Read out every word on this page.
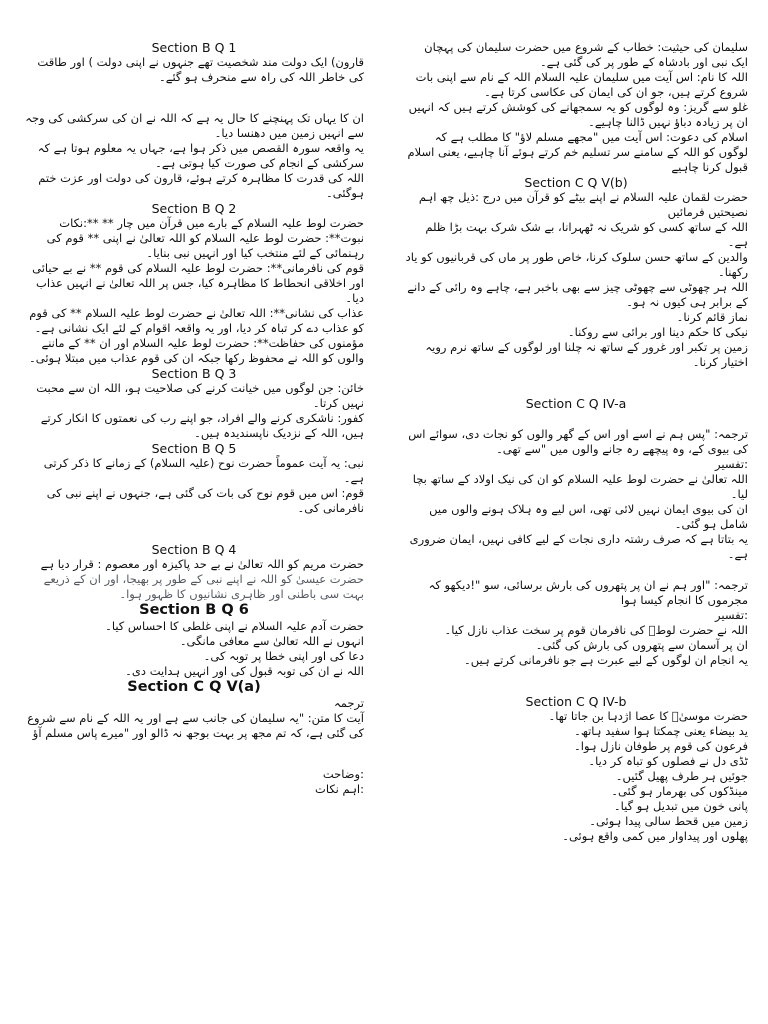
Section B Q 1

قارون) ایک دولت مند شخصیت تھے جنہوں نے اپنی دولت ) اور طاقت کی خاطر اللہ کی راہ سے منحرف ہو گئے۔

ان کا یہاں تک پہنچنے کا حال یہ ہے کہ اللہ نے ان کی سرکشی کی وجہ سے انہیں زمین میں دھنسا دیا۔

یہ واقعہ سورہ القصص میں ذکر ہوا ہے، جہاں یہ معلوم ہوتا ہے کہ سرکشی کے انجام کی صورت کیا ہوتی ہے۔

اللہ کی قدرت کا مظاہرہ کرتے ہوئے، قارون کی دولت اور عزت ختم ہوگئی۔

Section B Q 2

حضرت لوط علیہ السلام کے بارے میں قرآن میں چار ** **:نکات

نبوت**: حضرت لوط علیہ السلام کو اللہ تعالیٰ نے اپنی ** قوم کی رہنمائی کے لئے منتخب کیا اور انہیں نبی بنایا۔

قوم کی نافرمانی**: حضرت لوط علیہ السلام کی قوم ** نے بے حیائی اور اخلاقی انحطاط کا مظاہرہ کیا، جس پر اللہ تعالیٰ نے انہیں عذاب دیا۔

عذاب کی نشانی**: اللہ تعالیٰ نے حضرت لوط علیہ السلام ** کی قوم کو عذاب دے کر تباہ کر دیا، اور یہ واقعہ اقوام کے لئے ایک نشانی ہے۔

مؤمنوں کی حفاظت**: حضرت لوط علیہ السلام اور ان ** کے ماننے والوں کو اللہ نے محفوظ رکھا جبکہ ان کی قوم عذاب میں مبتلا ہوئی۔

Section B Q 3

خائن: جن لوگوں میں خیانت کرنے کی صلاحیت ہو، اللہ ان سے محبت نہیں کرتا۔

کفور: ناشکری کرنے والے افراد، جو اپنے رب کی نعمتوں کا انکار کرتے ہیں، اللہ کے نزدیک ناپسندیدہ ہیں۔

Section B Q 5

نبی: یہ آیت عموماً حضرت نوح (علیہ السلام) کے زمانے کا ذکر کرتی ہے۔

قوم: اس میں قوم نوح کی بات کی گئی ہے، جنہوں نے اپنے نبی کی نافرمانی کی۔

Section B Q 4

حضرت مریم کو اللہ تعالیٰ نے بے حد پاکیزہ اور معصوم : قرار دیا ہے

حضرت عیسیٰ کو اللہ نے اپنے نبی کے طور پر بھیجا، اور ان کے ذریعے بہت سی باطنی اور ظاہری نشانیوں کا ظہور ہوا۔

Section B Q 6

حضرت آدم علیہ السلام نے اپنی غلطی کا احساس کیا۔

انہوں نے اللہ تعالیٰ سے معافی مانگی۔

دعا کی اور اپنی خطا پر توبہ کی۔

اللہ نے ان کی توبہ قبول کی اور انہیں ہدایت دی۔

Section C Q V(a)

ترجمہ

آیت کا متن: "یہ سلیمان کی جانب سے ہے اور یہ اللہ کے نام سے شروع کی گئی ہے، کہ تم مجھ پر بہت بوجھ نہ ڈالو اور "میرے پاس مسلم آؤ

:وضاحت

:اہم نکات

سلیمان کی حیثیت: خطاب کے شروع میں حضرت سلیمان کی پہچان ایک نبی اور بادشاہ کے طور پر کی گئی ہے۔

اللہ کا نام: اس آیت میں سلیمان علیہ السلام اللہ کے نام سے اپنی بات شروع کرتے ہیں، جو ان کی ایمان کی عکاسی کرتا ہے۔

غلو سے گریز: وہ لوگوں کو یہ سمجھانے کی کوشش کرتے ہیں کہ انہیں ان پر زیادہ دباؤ نہیں ڈالنا چاہیے۔

اسلام کی دعوت: اس آیت میں "مجھے مسلم لاؤ" کا مطلب ہے کہ لوگوں کو اللہ کے سامنے سر تسلیم خم کرتے ہوئے آنا چاہیے، یعنی اسلام قبول کرنا چاہیے

Section C Q V(b)

حضرت لقمان علیہ السلام نے اپنے بیٹے کو قرآن میں درج :ذیل چھ اہم نصیحتیں فرمائیں

اللہ کے ساتھ کسی کو شریک نہ ٹھہرانا، بے شک شرک بہت بڑا ظلم ہے۔

والدین کے ساتھ حسن سلوک کرنا، خاص طور پر ماں کی قربانیوں کو یاد رکھنا۔

اللہ ہر چھوٹی سے چھوٹی چیز سے بھی باخبر ہے، چاہے وہ رائی کے دانے کے برابر ہی کیوں نہ ہو۔

نماز قائم کرنا۔

نیکی کا حکم دینا اور برائی سے روکنا۔

زمین پر تکبر اور غرور کے ساتھ نہ چلنا اور لوگوں کے ساتھ نرم رویہ اختیار کرنا۔

Section C Q IV-a

ترجمہ: "پس ہم نے اسے اور اس کے گھر والوں کو نجات دی، سوائے اس کی بیوی کے، وہ پیچھے رہ جانے والوں میں "سے تھی۔

:تفسیر

اللہ تعالیٰ نے حضرت لوط علیہ السلام کو ان کی نیک اولاد کے ساتھ بچا لیا۔

ان کی بیوی ایمان نہیں لائی تھی، اس لیے وہ ہلاک ہونے والوں میں شامل ہو گئی۔

یہ بتاتا ہے کہ صرف رشتہ داری نجات کے لیے کافی نہیں، ایمان ضروری ہے۔

ترجمہ: "اور ہم نے ان پر پتھروں کی بارش برسائی، سو "!دیکھو کہ مجرموں کا انجام کیسا ہوا

:تفسیر

اللہ نے حضرت لوطؑ کی نافرمان قوم پر سخت عذاب نازل کیا۔

ان پر آسمان سے پتھروں کی بارش کی گئی۔

یہ انجام ان لوگوں کے لیے عبرت ہے جو نافرمانی کرتے ہیں۔

Section C Q IV-b

حضرت موسیٰؑ کا عصا اژدہا بن جاتا تھا۔

ید بیضاء یعنی چمکتا ہوا سفید ہاتھ۔

فرعون کی قوم پر طوفان نازل ہوا۔

ٹڈی دل نے فصلوں کو تباہ کر دیا۔

جوئیں ہر طرف پھیل گئیں۔

مینڈکوں کی بھرمار ہو گئی۔

پانی خون میں تبدیل ہو گیا۔

زمین میں قحط سالی پیدا ہوئی۔

پھلوں اور پیداوار میں کمی واقع ہوئی۔
